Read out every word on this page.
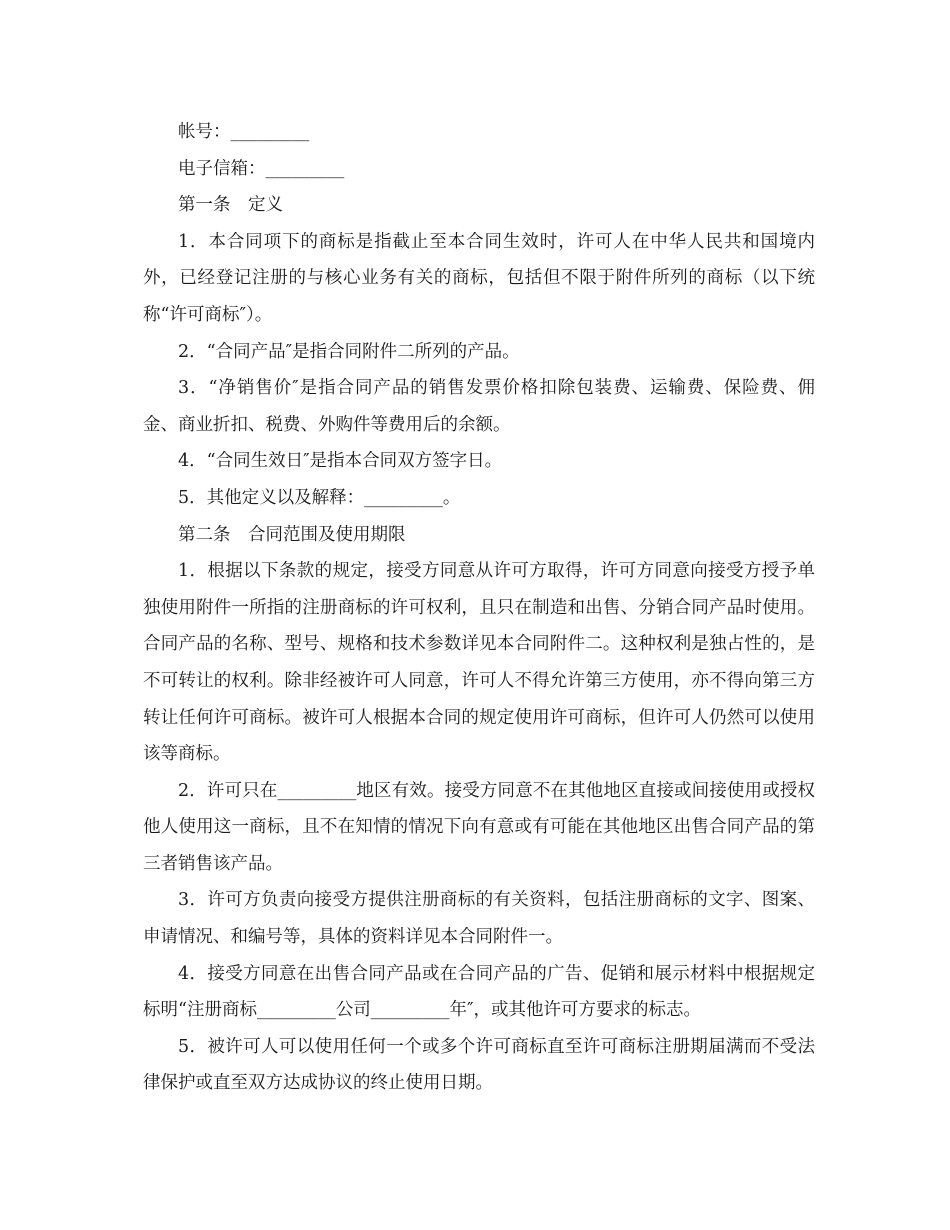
帐号：_________

电子信箱：_________

第一条　定义

1．本合同项下的商标是指截止至本合同生效时，许可人在中华人民共和国境内外，已经登记注册的与核心业务有关的商标，包括但不限于附件所列的商标（以下统称“许可商标″）。

2．“合同产品″是指合同附件二所列的产品。

3．“净销售价″是指合同产品的销售发票价格扣除包装费、运输费、保险费、佣金、商业折扣、税费、外购件等费用后的余额。

4．“合同生效日″是指本合同双方签字日。

5．其他定义以及解释：_________。

第二条　合同范围及使用期限

1．根据以下条款的规定，接受方同意从许可方取得，许可方同意向接受方授予单独使用附件一所指的注册商标的许可权利，且只在制造和出售、分销合同产品时使用。合同产品的名称、型号、规格和技术参数详见本合同附件二。这种权利是独占性的，是不可转让的权利。除非经被许可人同意，许可人不得允许第三方使用，亦不得向第三方转让任何许可商标。被许可人根据本合同的规定使用许可商标，但许可人仍然可以使用该等商标。

2．许可只在_________地区有效。接受方同意不在其他地区直接或间接使用或授权他人使用这一商标，且不在知情的情况下向有意或有可能在其他地区出售合同产品的第三者销售该产品。

3．许可方负责向接受方提供注册商标的有关资料，包括注册商标的文字、图案、申请情况、和编号等，具体的资料详见本合同附件一。

4．接受方同意在出售合同产品或在合同产品的广告、促销和展示材料中根据规定标明“注册商标_________公司_________年″，或其他许可方要求的标志。

5．被许可人可以使用任何一个或多个许可商标直至许可商标注册期届满而不受法律保护或直至双方达成协议的终止使用日期。
